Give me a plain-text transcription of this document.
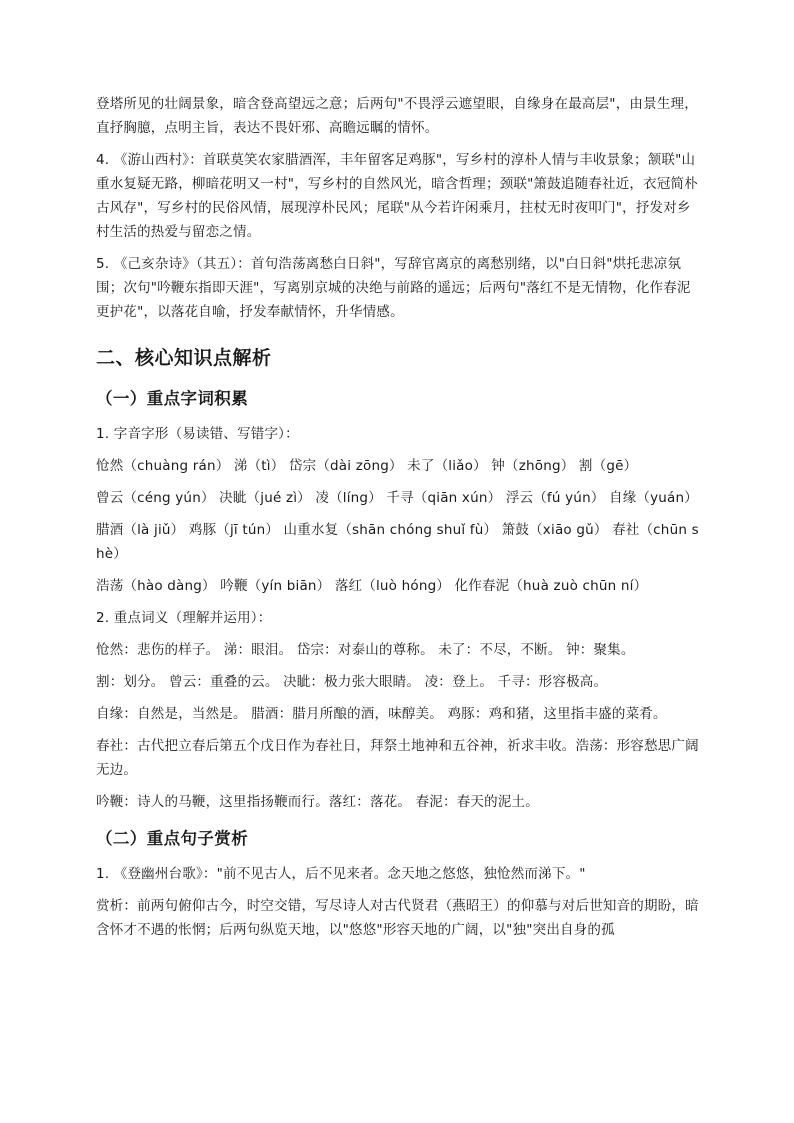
登塔所见的壮阔景象，暗含登高望远之意；后两句"不畏浮云遮望眼，自缘身在最高层"，由景生理，直抒胸臆，点明主旨，表达不畏奸邪、高瞻远瞩的情怀。

4. 《游山西村》：首联莫笑农家腊酒浑，丰年留客足鸡豚"，写乡村的淳朴人情与丰收景象；颔联"山重水复疑无路，柳暗花明又一村"，写乡村的自然风光，暗含哲理；颈联"箫鼓追随春社近，衣冠简朴古风存"，写乡村的民俗风情，展现淳朴民风；尾联"从今若许闲乘月，拄杖无时夜叩门"，抒发对乡村生活的热爱与留恋之情。

5. 《己亥杂诗》（其五）：首句浩荡离愁白日斜"，写辞官离京的离愁别绪，以"白日斜"烘托悲凉氛围；次句"吟鞭东指即天涯"，写离别京城的决绝与前路的遥远；后两句"落红不是无情物，化作春泥更护花"，以落花自喻，抒发奉献情怀，升华情感。

二、核心知识点解析
（一）重点字词积累

1. 字音字形（易读错、写错字）：

怆然（chuàng rán） 涕（tì） 岱宗（dài zōng） 未了（liǎo） 钟（zhōng） 割（gē）

曾云（céng yún） 决眦（jué zì） 凌（líng） 千寻（qiān xún） 浮云（fú yún） 自缘（yuán）

腊酒（là jiǔ） 鸡豚（jī tún） 山重水复（shān chóng shuǐ fù） 箫鼓（xiāo gǔ） 春社（chūn shè）

浩荡（hào dàng） 吟鞭（yín biān） 落红（luò hóng） 化作春泥（huà zuò chūn ní）

2. 重点词义（理解并运用）：

怆然：悲伤的样子。 涕：眼泪。 岱宗：对泰山的尊称。 未了：不尽，不断。 钟：聚集。

割：划分。 曾云：重叠的云。 决眦：极力张大眼睛。 凌：登上。 千寻：形容极高。

自缘：自然是，当然是。 腊酒：腊月所酿的酒，味醇美。 鸡豚：鸡和猪，这里指丰盛的菜肴。

春社：古代把立春后第五个戊日作为春社日，拜祭土地神和五谷神，祈求丰收。浩荡：形容愁思广阔无边。

吟鞭：诗人的马鞭，这里指扬鞭而行。落红：落花。 春泥：春天的泥土。

（二）重点句子赏析

1. 《登幽州台歌》："前不见古人，后不见来者。念天地之悠悠，独怆然而涕下。"

赏析：前两句俯仰古今，时空交错，写尽诗人对古代贤君（燕昭王）的仰慕与对后世知音的期盼，暗含怀才不遇的怅惘；后两句纵览天地，以"悠悠"形容天地的广阔，以"独"突出自身的孤
